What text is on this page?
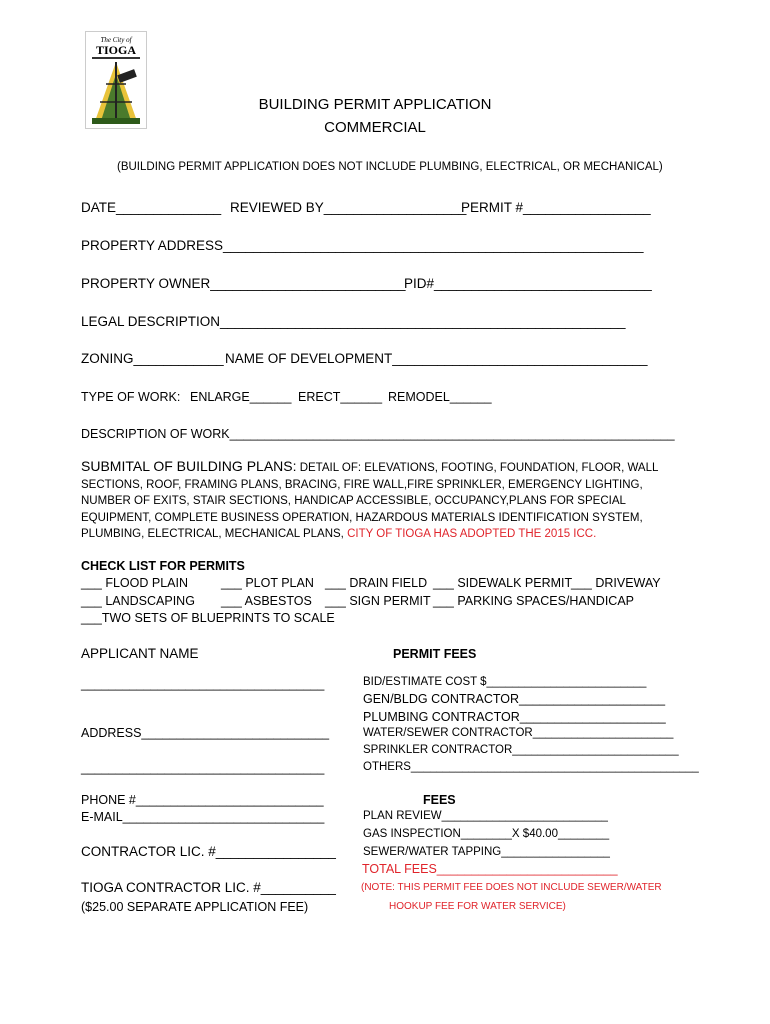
The City of
TIOGA
BUILDING PERMIT APPLICATION
COMMERCIAL
(BUILDING PERMIT APPLICATION DOES NOT INCLUDE PLUMBING, ELECTRICAL, OR MECHANICAL)
DATE______________ REVIEWED BY___________________
PERMIT #_________________
PROPERTY ADDRESS________________________________________________________
PROPERTY OWNER__________________________
PID#_____________________________
LEGAL DESCRIPTION______________________________________________________
ZONING____________ NAME OF DEVELOPMENT__________________________________
TYPE OF WORK: ENLARGE______ ERECT______ REMODEL______
DESCRIPTION OF WORK________________________________________________________________
SUBMITAL OF BUILDING PLANS: DETAIL OF: ELEVATIONS, FOOTING, FOUNDATION, FLOOR, WALL SECTIONS, ROOF, FRAMING PLANS, BRACING, FIRE WALL,FIRE SPRINKLER, EMERGENCY LIGHTING, NUMBER OF EXITS, STAIR SECTIONS, HANDICAP ACCESSIBLE, OCCUPANCY,PLANS FOR SPECIAL EQUIPMENT, COMPLETE BUSINESS OPERATION, HAZARDOUS MATERIALS IDENTIFICATION SYSTEM, PLUMBING, ELECTRICAL, MECHANICAL PLANS, CITY OF TIOGA HAS ADOPTED THE 2015 ICC.
CHECK LIST FOR PERMITS
___ FLOOD PLAIN	___ PLOT PLAN ___ DRAIN FIELD ___ SIDEWALK PERMIT
___ DRIVEWAY
___ LANDSCAPING ___ ASBESTOS ___ SIGN PERMIT ___ PARKING SPACES/HANDICAP
___TWO SETS OF BLUEPRINTS TO SCALE
APPLICANT NAME
___________________________________
ADDRESS___________________________
___________________________________
PHONE #___________________________
E-MAIL_____________________________
CONTRACTOR LIC. #________________
TIOGA CONTRACTOR LIC. #__________
($25.00 SEPARATE APPLICATION FEE)
PERMIT FEES
BID/ESTIMATE COST $_________________________
GEN/BLDG CONTRACTOR_____________________
PLUMBING CONTRACTOR_____________________
WATER/SEWER CONTRACTOR______________________
SPRINKLER CONTRACTOR__________________________
OTHERS_____________________________________________
FEES
PLAN REVIEW__________________________
GAS INSPECTION________X $40.00________
SEWER/WATER TAPPING_________________
TOTAL FEES__________________________
(NOTE: THIS PERMIT FEE DOES NOT INCLUDE SEWER/WATER
HOOKUP FEE FOR WATER SERVICE)
